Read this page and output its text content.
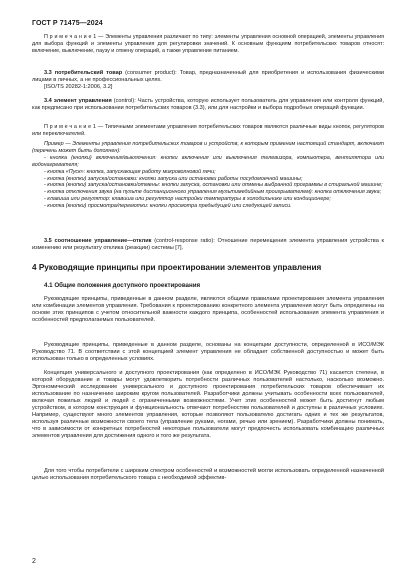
ГОСТ Р 71475—2024

П р и м е ч а н и е 1 — Элементы управления различают по типу: элементы управления основной операцией, элементы управления для выбора функций и элементы управления для регулировки значений. К основным функциям потребительских товаров относят: включение, выключение, паузу и отмену операций, а также управление питанием.

3.3 потребительский товар (consumer product): Товар, предназначенный для приобретения и использования физическими лицами в личных, а не профессиональных целях.

[ISO/TS 20282-1:2006, 3.2]

3.4 элемент управления (control): Часть устройства, которую использует пользователь для управления или контроля функций, как предписано при использовании потребительских товаров (3.3), или для настройки и выбора подробных операций функции.

П р и м е ч а н и е 1 — Типичными элементами управления потребительских товаров являются различные виды кнопок, регуляторов или переключателей.

Пример — Элементы управления потребительских товаров и устройств, к которым применим настоящий стандарт, включают (перечень может быть дополнен):

- кнопка (кнопки) включения/выключения: кнопки включения или выключения телевизора, компьютера, вентилятора или водонагревателя;

- кнопка «Пуск»: кнопка, запускающая работу микроволновой печи;

- кнопка (кнопки) запуска/остановки: кнопки запуска или остановки работы посудомоечной машины;

- кнопка (кнопки) запуска/остановки/отмены: кнопки запуска, остановки или отмены выбранной программы в стиральной машине;

- кнопка отключения звука (на пульте дистанционного управления мультимедийным проигрывателем): кнопка отключения звука;

- клавиша или регулятор: клавиша или регулятор настройки температуры в холодильнике или кондиционере;

- кнопка (кнопки) просмотра/перемотки: кнопки просмотра предыдущей или следующей записи.

3.5 соотношение управление—отклик (control-response ratio): Отношение перемещения элемента управления устройства к изменению или результату отклика (реакции) системы [7].

4 Руководящие принципы при проектировании элементов управления
4.1 Общие положения доступного проектирования

Руководящие принципы, приведенные в данном разделе, являются общими правилами проектирования элемента управления или комбинации элементов управления. Требования к проектированию конкретного элемента управления могут быть определены на основе этих принципов с учетом относительной важности каждого принципа, особенностей использования элемента управления и особенностей предполагаемых пользователей.

Руководящие принципы, приведенные в данном разделе, основаны на концепции доступности, определенной в ИСО/МЭК Руководство 71. В соответствии с этой концепцией элемент управления не обладает собственной доступностью и может быть использован только в определенных условиях.

Концепция универсального и доступного проектирования (как определено в ИСО/МЭК Руководство 71) касается степени, в которой оборудование и товары могут удовлетворить потребности различных пользователей настолько, насколько возможно. Эргономический исследование универсального и доступного проектирования потребительских товаров обеспечивает их использование по назначению широким кругом пользователей. Разработчики должны учитывать особенности всех пользователей, включая пожилых людей и людей с ограниченными возможностями. Учет этих особенностей может быть достигнут любым устройством, в котором конструкция и функциональность отвечают потребностям пользователей и доступны в различных условиях. Например, существуют много элементов управления, которые позволяют пользователю достигать одних и тех же результатов, используя различные возможности своего тела (управление руками, ногами, речью или зрением). Разработчики должны понимать, что в зависимости от конкретных потребностей некоторые пользователи могут предпочесть использовать комбинацию различных элементов управления для достижения одного и того же результата.

Для того чтобы потребители с широким спектром особенностей и возможностей могли использовать определенной назначенной целью использования потребительского товара с необходимой эффектив-

2
